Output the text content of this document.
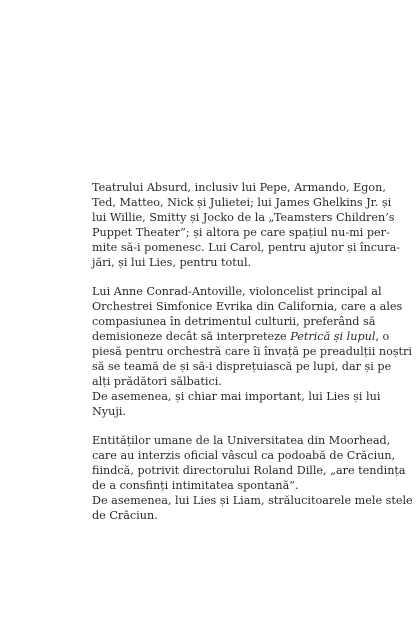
Teatrului Absurd, inclusiv lui Pepe, Armando, Egon,
Ted, Matteo, Nick și Julietei; lui James Ghelkins Jr. și
lui Willie, Smitty și Jocko de la „Teamsters Children’s
Puppet Theater”; și altora pe care spațiul nu-mi per-
mite să-i pomenesc. Lui Carol, pentru ajutor și încura-
jări, și lui Lies, pentru totul.
Lui Anne Conrad-Antoville, violoncelist principal al
Orchestrei Simfonice Evrika din California, care a ales
compasiunea în detrimentul culturii, preferând să
demisioneze decât să interpreteze Petrică și lupul, o
piesă pentru orchestră care îi învață pe preadulții noștri
să se teamă de și să-i disprețuiască pe lupi, dar și pe
alți prădători sălbatici.
De asemenea, și chiar mai important, lui Lies și lui
Nyuji.
Entităților umane de la Universitatea din Moorhead,
care au interzis oficial vâscul ca podoabă de Crăciun,
fiindcă, potrivit directorului Roland Dille, „are tendința
de a consfinți intimitatea spontană“.
De asemenea, lui Lies și Liam, strălucitoarele mele stele
de Crăciun.
